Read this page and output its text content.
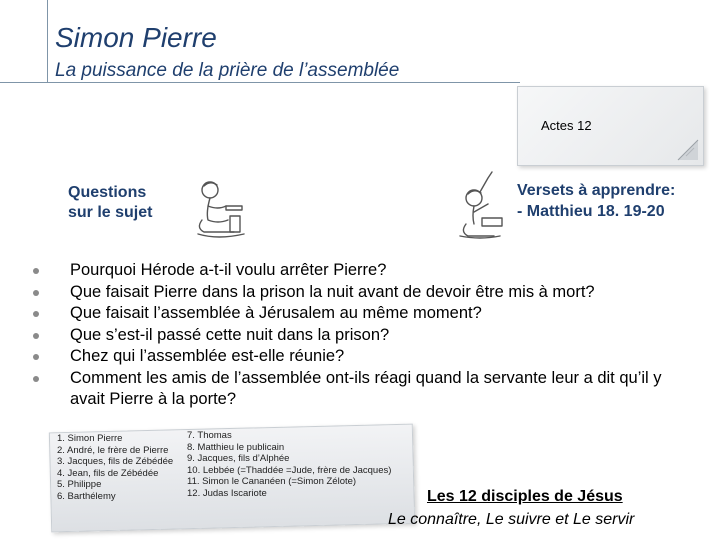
Simon Pierre
La puissance de la prière de l’assemblée
Actes 12
Questions
sur le sujet
Versets à apprendre:
- Matthieu 18. 19-20
Pourquoi Hérode a-t-il voulu arrêter Pierre?
Que faisait Pierre dans la prison la nuit avant de devoir être mis à mort?
Que faisait l’assemblée à Jérusalem au même moment?
Que s’est-il passé cette nuit dans la prison?
Chez qui l’assemblée est-elle réunie?
Comment les amis de l’assemblée ont-ils réagi quand la servante leur a dit qu’il y avait Pierre à la porte?
1. Simon Pierre
2. André, le frère de Pierre
3. Jacques, fils de Zébédée
4. Jean, fils de Zébédée
5. Philippe
6. Barthélemy
7. Thomas
8. Matthieu le publicain
9. Jacques, fils d’Alphée
10. Lebbée (=Thaddée =Jude, frère de Jacques)
11. Simon le Cananéen (=Simon Zélote)
12. Judas Iscariote	Les 12 disciples de Jésus
Le connaître, Le suivre et Le servir
